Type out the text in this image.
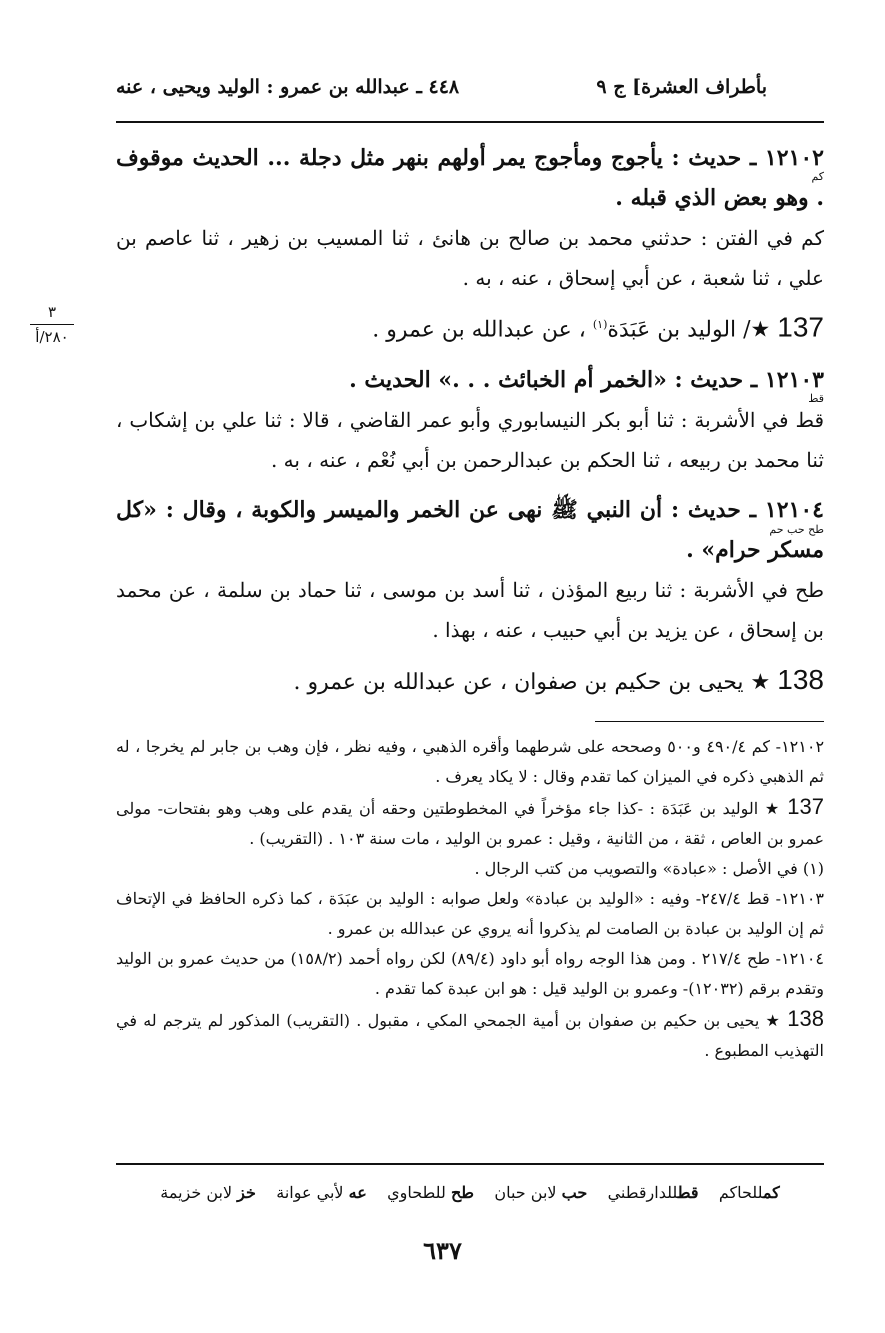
بأطراف العشرة] ج ٩
٤٤٨ ـ عبدالله بن عمرو : الوليد ويحيى ، عنه
٣
٢٨٠/أ
١٢١٠٢ ـ حديث : يأجوج ومأجوج يمر أولهم بنهر مثل دجلة ... الحديث موقوف . وهو بعض الذي قبله .
كم
كم في الفتن : حدثني محمد بن صالح بن هانئ ، ثنا المسيب بن زهير ، ثنا عاصم بن علي ، ثنا شعبة ، عن أبي إسحاق ، عنه ، به .
137 ★/ الوليد بن عَبَدَة$^{(١)}$ ، عن عبدالله بن عمرو .
١٢١٠٣ ـ حديث : «الخمر أم الخبائث . . .» الحديث .
قط
قط في الأشربة : ثنا أبو بكر النيسابوري وأبو عمر القاضي ، قالا : ثنا علي بن إشكاب ، ثنا محمد بن ربيعه ، ثنا الحكم بن عبدالرحمن بن أبي نُعْم ، عنه ، به .
١٢١٠٤ ـ حديث : أن النبي ﷺ نهى عن الخمر والميسر والكوبة ، وقال : «كل مسكر حرام» .
طح حب حم
طح في الأشربة : ثنا ربيع المؤذن ، ثنا أسد بن موسى ، ثنا حماد بن سلمة ، عن محمد بن إسحاق ، عن يزيد بن أبي حبيب ، عنه ، بهذا .
138 ★ يحيى بن حكيم بن صفوان ، عن عبدالله بن عمرو .
١٢١٠٢- كم ٤٩٠/٤ و٥٠٠ وصححه على شرطهما وأقره الذهبي ، وفيه نظر ، فإن وهب بن جابر لم يخرجا ، له ثم الذهبي ذكره في الميزان كما تقدم وقال : لا يكاد يعرف .
137 ★ الوليد بن عَبَدَة : -كذا جاء مؤخراً في المخطوطتين وحقه أن يقدم على وهب وهو بفتحات- مولى عمرو بن العاص ، ثقة ، من الثانية ، وقيل : عمرو بن الوليد ، مات سنة ١٠٣ . (التقريب) .
(١) في الأصل : «عبادة» والتصويب من كتب الرجال .
١٢١٠٣- قط ٢٤٧/٤- وفيه : «الوليد بن عبادة» ولعل صوابه : الوليد بن عبَدَة ، كما ذكره الحافظ في الإتحاف ثم إن الوليد بن عبادة بن الصامت لم يذكروا أنه يروي عن عبدالله بن عمرو .
١٢١٠٤- طح ٢١٧/٤ . ومن هذا الوجه رواه أبو داود (٨٩/٤) لكن رواه أحمد (١٥٨/٢) من حديث عمرو بن الوليد وتقدم برقم (١٢٠٣٢)- وعمرو بن الوليد قيل : هو ابن عبدة كما تقدم .
138 ★ يحيى بن حكيم بن صفوان بن أمية الجمحي المكي ، مقبول . (التقريب) المذكور لم يترجم له في التهذيب المطبوع .
كمللحاكم    قطللدارقطني    حب لابن حبان    طح للطحاوي    عه لأبي عوانة    خز لابن خزيمة
٦٣٧
